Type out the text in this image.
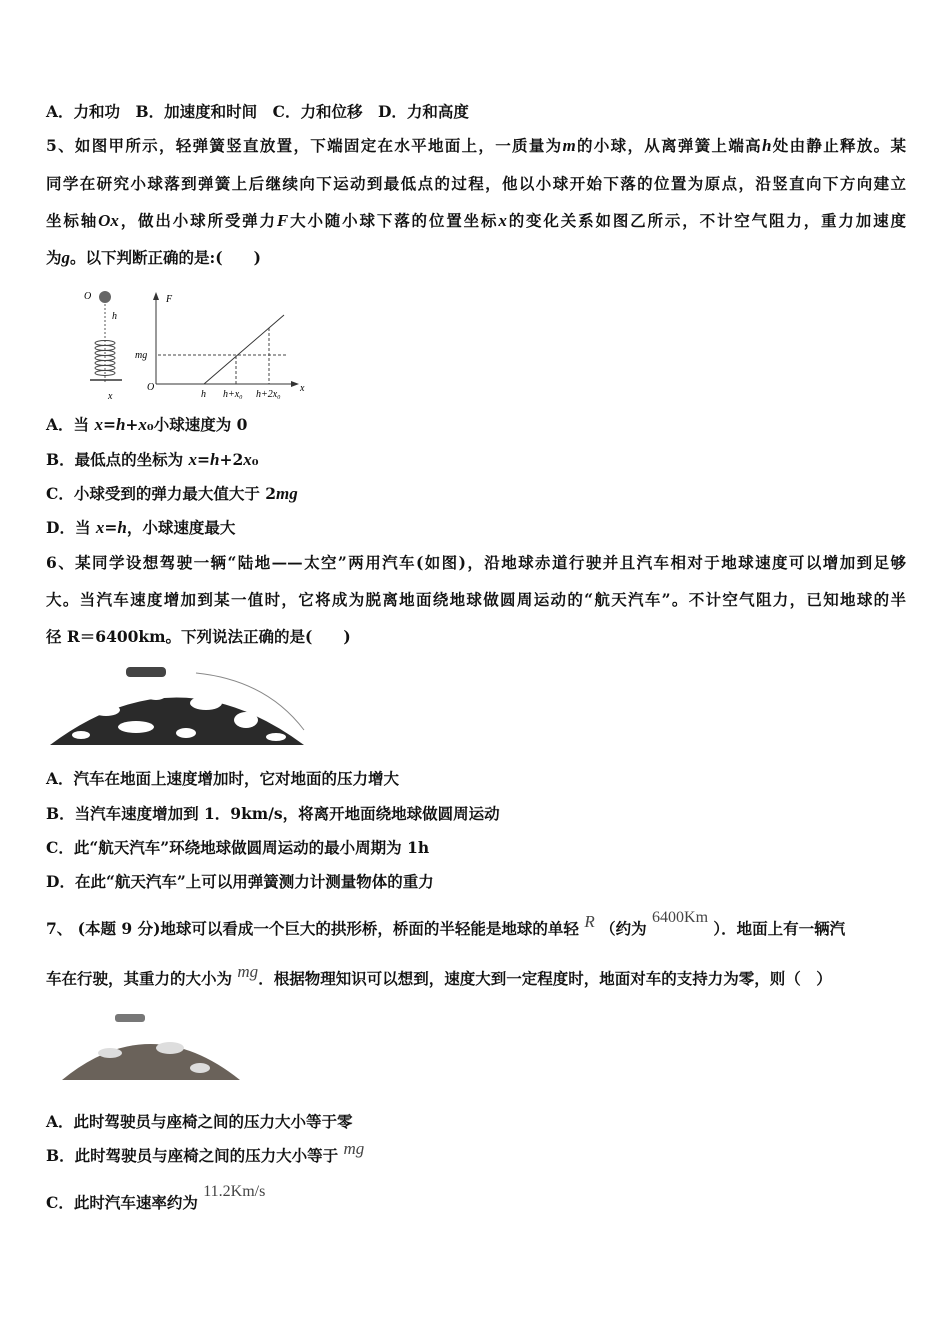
A．力和功　B．加速度和时间　C．力和位移　D．力和高度
5、如图甲所示，轻弹簧竖直放置，下端固定在水平地面上，一质量为m的小球，从离弹簧上端高h处由静止释放。某
同学在研究小球落到弹簧上后继续向下运动到最低点的过程，他以小球开始下落的位置为原点，沿竖直向下方向建立
坐标轴Ox，做出小球所受弹力F大小随小球下落的位置坐标x的变化关系如图乙所示，不计空气阻力，重力加速度
为g。以下判断正确的是:(　　)
O
h
x
F
mg
O
h h+x₀ h+2x₀
x
A．当 x=h+x₀小球速度为 0
B．最低点的坐标为 x=h+2x₀
C．小球受到的弹力最大值大于 2mg
D．当 x=h，小球速度最大
6、某同学设想驾驶一辆“陆地——太空”两用汽车(如图)，沿地球赤道行驶并且汽车相对于地球速度可以增加到足够
大。当汽车速度增加到某一值时，它将成为脱离地面绕地球做圆周运动的“航天汽车”。不计空气阻力，已知地球的半
径 R＝6400km。下列说法正确的是(　　)
A．汽车在地面上速度增加时，它对地面的压力增大
B．当汽车速度增加到 1．9km/s，将离开地面绕地球做圆周运动
C．此“航天汽车”环绕地球做圆周运动的最小周期为 1h
D．在此“航天汽车”上可以用弹簧测力计测量物体的重力
7、 (本题 9 分)地球可以看成一个巨大的拱形桥，桥面的半轻能是地球的单轻 R （约为 6400Km ）．地面上有一辆汽
车在行驶，其重力的大小为 mg．根据物理知识可以想到，速度大到一定程度时，地面对车的支持力为零，则（　）
A．此时驾驶员与座椅之间的压力大小等于零
B．此时驾驶员与座椅之间的压力大小等于 mg
C．此时汽车速率约为 11.2Km/s
